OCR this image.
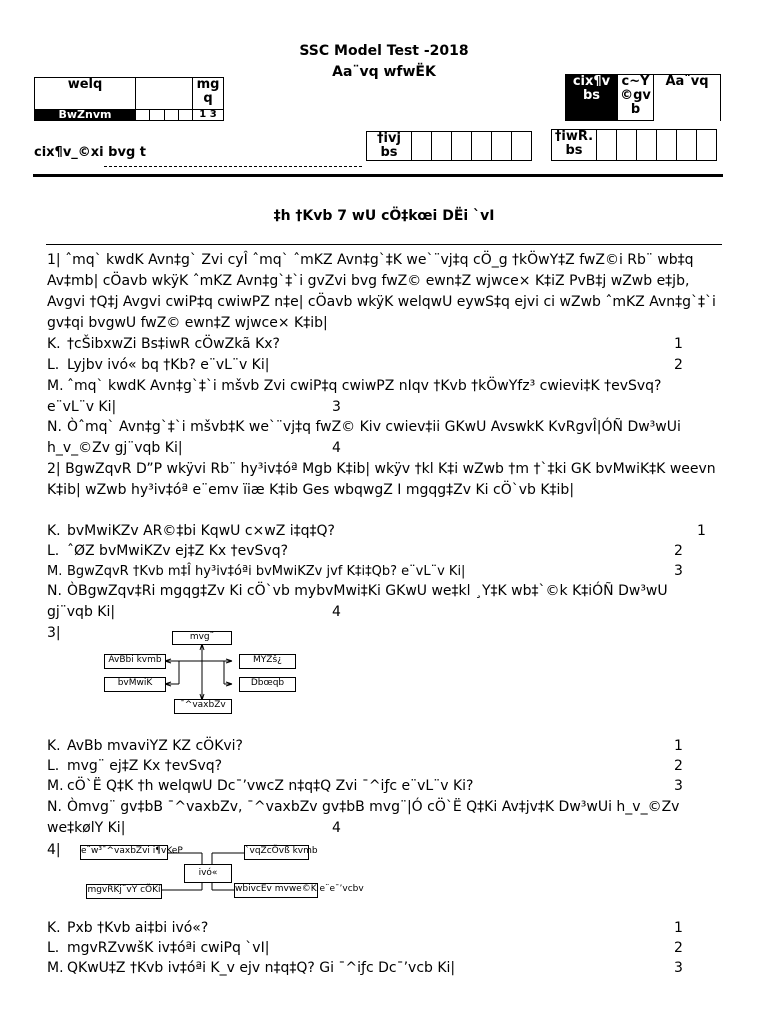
SSC Model Test -2018
Aa¨vq wfwËK
welq		mg q
BwZnvm		1 3
cix¶v bs	c~Y ©gv b	Aa¨vq
cix¶v_©xi bvg t
†ivj bs						
†iwR. bs						
‡h †Kvb 7 wU cÖ‡kœi DËi `vI
1| ˆmq` kwdK Avn‡g` Zvi cyÎ ˆmq` ˆmKZ Avn‡g`‡K we`¨vj‡q cÖ_g †kÖwY‡Z fwZ©i Rb¨ wb‡q Av‡mb| cÖavb wkÿK ˆmKZ Avn‡g`‡`i gvZvi bvg fwZ© ewn‡Z wjwce× K‡iZ PvB‡j wZwb e‡jb, Avgvi †Q‡j Avgvi cwiP‡q cwiwPZ n‡e| cÖavb wkÿK welqwU eywS‡q ejvi ci wZwb ˆmKZ Avn‡g`‡`i gv‡qi bvgwU fwZ© ewn‡Z wjwce× K‡ib|
K. †cŠibxwZi Bs‡iwR cÖwZkã Kx?	1
L. Lyjbv ivó« bq †Kb? e¨vL¨v Ki|	2
M. ˆmq` kwdK Avn‡g`‡`i mšvb Zvi cwiP‡q cwiwPZ nIqv †Kvb †kÖwYfz³ cwievi‡K †evSvq? e¨vL¨v Ki|	3
N. Òˆmq` Avn‡g`‡`i mšvb‡K we`¨vj‡q fwZ© Kiv cwiev‡ii GKwU AvswkK KvRgvÎ|ÓÑ Dw³wUi h_v_©Zv gj¨vqb Ki|	4
2| BgwZqvR D”P wkÿvi Rb¨ hy³iv‡óª Mgb K‡ib| wkÿv †kl K‡i wZwb †m †`‡ki GK bvMwiK‡K weevn K‡ib| wZwb hy³iv‡óª e¨emv ïiæ K‡ib Ges wbqwgZ I mgqg‡Zv Ki cÖ`vb K‡ib|
K. bvMwiKZv AR©‡bi KqwU c×wZ i‡q‡Q?	1
L. ˆØZ bvMwiKZv ej‡Z Kx †evSvq?	2
M. BgwZqvR †Kvb m‡Î hy³iv‡óªi bvMwiKZv jvf K‡i‡Qb? e¨vL¨v Ki|	3
N. ÒBgwZqv‡Ri mgqg‡Zv Ki cÖ`vb mybvMwi‡Ki GKwU we‡kl ¸Y‡K wb‡`©k K‡iÓÑ Dw³wU gj¨vqb Ki|	4
3|	mvg¨
AvBbi kvmb
bvMwiK
MYZš¿
Dbœqb
¯^vaxbZv
K. AvBb mvaviYZ KZ cÖKvi?	1
L. mvg¨ ej‡Z Kx †evSvq?	2
M. cÖ`Ë Q‡K †h welqwU Dc¯’vwcZ n‡q‡Q Zvi ¯^iƒc e¨vL¨v Ki?	3
N. Òmvg¨ gv‡bB ¯^vaxbZv, ¯^vaxbZv gv‡bB mvg¨|Ó cÖ`Ë Q‡Ki Av‡jv‡K Dw³wUi h_v_©Zv we‡kølY Ki|	4
4| e¨w³¯^vaxbZvi i¶vKeP
ivó«
`vqZcÖvß kvmb
mgvRKj¨vY cÖKí	wbivcËv mvwe©K e¨e¯’vcbv
K. Pxb †Kvb ai‡bi ivó«?	1
L. mgvRZvwšK iv‡óªi cwiPq `vI|	2
M. QKwU‡Z †Kvb iv‡óªi K_v ejv n‡q‡Q? Gi ¯^iƒc Dc¯’vcb Ki|	3
